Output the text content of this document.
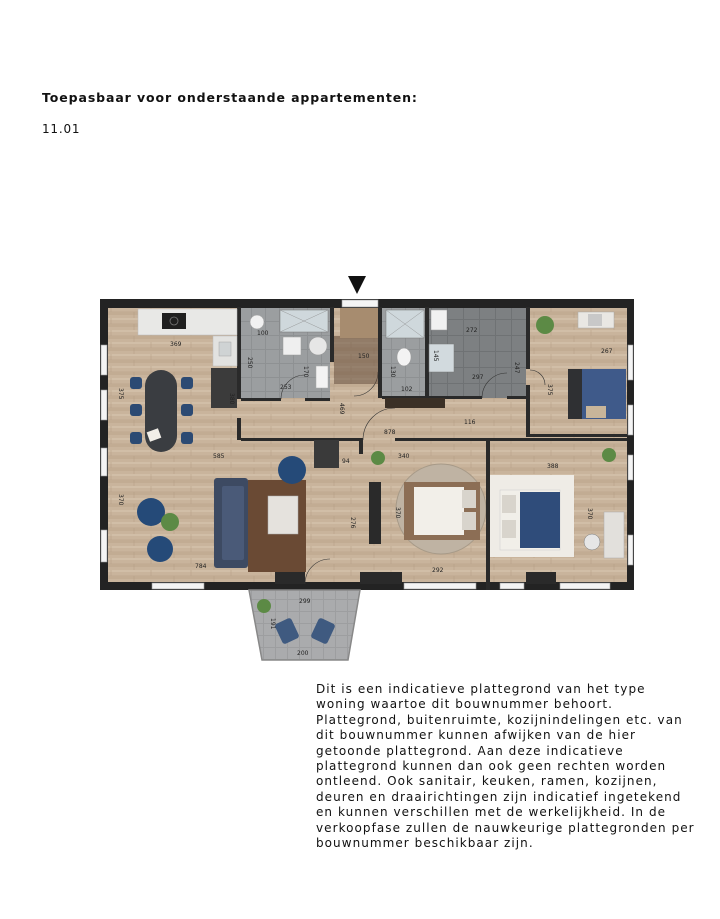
Toepasbaar voor onderstaande appartementen:

11.01

369
375	380
585
370
784
100
250
170
253
150
469
130
102
145
272
297
247
267
375
878
116
94
340
370
292
388
370
276
299
191
200

Dit is een indicatieve plattegrond van het type woning waartoe dit bouwnummer behoort. Plattegrond, buitenruimte, kozijnindelingen etc. van dit bouwnummer kunnen afwijken van de hier getoonde plattegrond. Aan deze indicatieve plattegrond kunnen dan ook geen rechten worden ontleend. Ook sanitair, keuken, ramen, kozijnen, deuren en draairichtingen zijn indicatief ingetekend en kunnen verschillen met de werkelijkheid. In de verkoopfase zullen de nauwkeurige plattegronden per bouwnummer beschikbaar zijn.
